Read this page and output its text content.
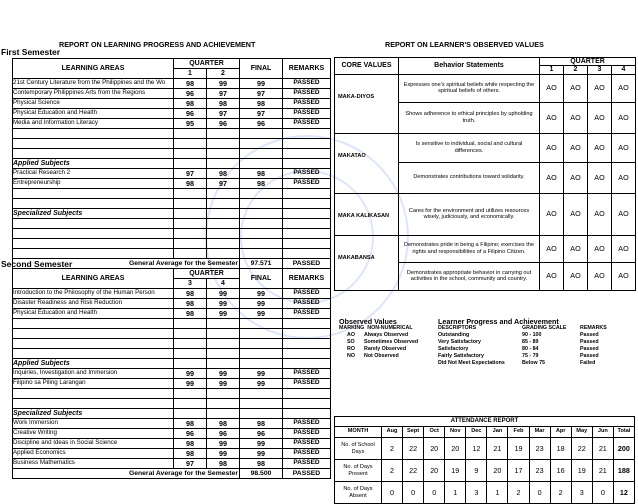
REPORT ON LEARNING PROGRESS AND ACHIEVEMENT	REPORT ON LEARNER'S OBSERVED VALUES
First Semester
LEARNING AREAS	QUARTER		FINAL	REMARKS
	1	2		
21st Century Literature from the Philippines and the Wo	98	99	99	PASSED
Contemporary Philippines Arts from the Regions	96	97	97	PASSED
Physical Science	98	98	98	PASSED
Physical Education and Health	96	97	97	PASSED
Media and Information Literacy	95	96	96	PASSED

Applied Subjects				
Practical Research 2	97	98	98	PASSED
Entrepreneurship	98	97	98	PASSED

Specialized Subjects				

General Average for the Semester			97.571	PASSED
Second Semester
LEARNING AREAS	QUARTER		FINAL	REMARKS
	3	4		
Introduction to the Philosophy of the Human Person	98	99	99	PASSED
Disaster Readiness and Risk Reduction	98	99	99	PASSED
Physical Education and Health	98	99	99	PASSED

Applied Subjects				
Inquiries, Investigation and Immersion	99	99	99	PASSED
Filipino sa Piling Larangan	99	99	99	PASSED

Specialized Subjects				
Work Immersion	98	98	98	PASSED
Creative Writing	96	96	96	PASSED
Discipline and Ideas in Social Science	98	99	99	PASSED
Applied Economics	98	99	99	PASSED
Business Mathematics	97	98	98	PASSED
General Average for the Semester			98.500	PASSED
CORE VALUES	Behavior Statements	QUARTER			
		1	2	3	4
MAKA-DIYOS	Expresses one's spiritual beliefs while respecting the spiritual beliefs of others.	AO	AO	AO	AO
	Shows adherence to ethical principles by upholding truth.	AO	AO	AO	AO
MAKATAO	Is sensitive to individual, social and cultural differences.	AO	AO	AO	AO
	Demonstrates contributions toward solidarity.	AO	AO	AO	AO
MAKA KALIKASAN	Cares for the environment and utilizes resources wisely, judiciously, and economically.	AO	AO	AO	AO
MAKABANSA	Demonstrates pride in being a Filipino; exercises the rights and responsibilities of a Filipino Citizen.	AO	AO	AO	AO
	Demonstrates appropriate behavior in carrying out activities in the school, community and country.	AO	AO	AO	AO
Observed Values
MARKING NON-NUMERICAL
AO	Always Observed
SO	Sometimes Observed
RO	Rarely Observed
NO	Not Observed
Learner Progress and Achievement
DESCRIPTORS	GRADING SCALE	REMARKS
Outstanding	90 - 100	Passed
Very Satisfactory	85 - 89	Passed
Satisfactory	80 - 84	Passed
Fairly Satisfactory	75 - 79	Passed
Did Not Meet Expectations	Below 75	Failed
ATTENDANCE REPORT												
MONTH	Aug	Sept	Oct	Nov	Dec	Jan	Feb	Mar	Apr	May	Jun	Total
No. of School Days	2	22	20	20	12	21	19	23	18	22	21	200
No. of Days Present	2	22	20	19	9	20	17	23	16	19	21	188
No. of Days Absent	0	0	0	1	3	1	2	0	2	3	0	12
